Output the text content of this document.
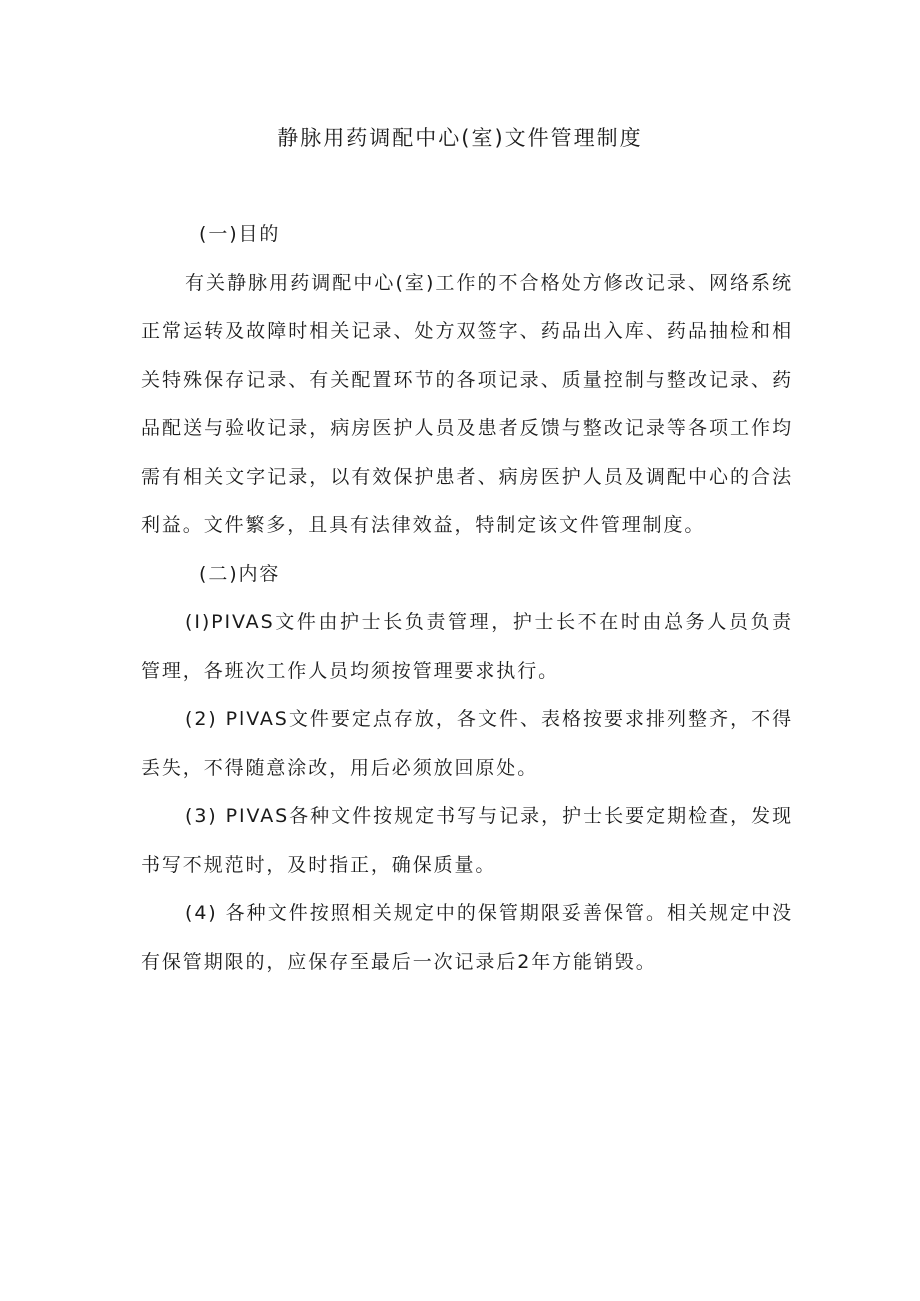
静脉用药调配中心(室)文件管理制度

(一)目的

有关静脉用药调配中心(室)工作的不合格处方修改记录、网络系统正常运转及故障时相关记录、处方双签字、药品出入库、药品抽检和相关特殊保存记录、有关配置环节的各项记录、质量控制与整改记录、药品配送与验收记录，病房医护人员及患者反馈与整改记录等各项工作均需有相关文字记录，以有效保护患者、病房医护人员及调配中心的合法利益。文件繁多，且具有法律效益，特制定该文件管理制度。

(二)内容

(I)PIVAS文件由护士长负责管理，护士长不在时由总务人员负责管理，各班次工作人员均须按管理要求执行。

(2) PlVAS文件要定点存放，各文件、表格按要求排列整齐，不得丢失，不得随意涂改，用后必须放回原处。

(3) PIVAS各种文件按规定书写与记录，护士长要定期检查，发现书写不规范时，及时指正，确保质量。

(4) 各种文件按照相关规定中的保管期限妥善保管。相关规定中没有保管期限的，应保存至最后一次记录后2年方能销毁。
